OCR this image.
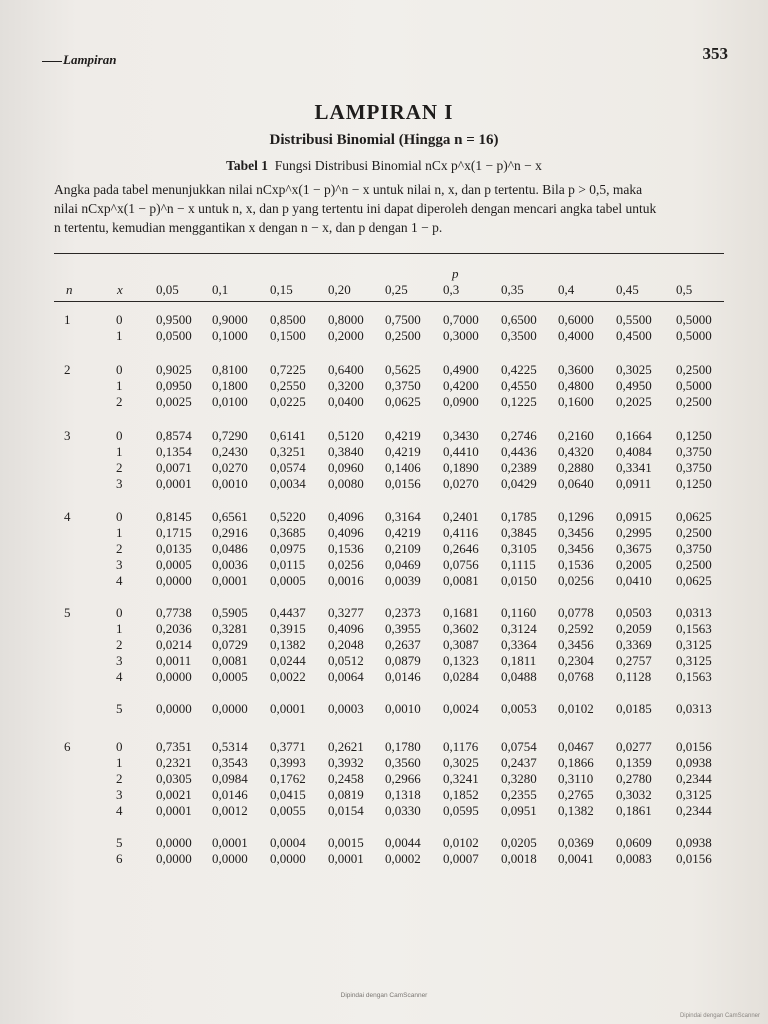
Lampiran	353
LAMPIRAN I
Distribusi Binomial (Hingga n = 16)
Tabel 1 Fungsi Distribusi Binomial nCx p^x(1 − p)^n − x
Angka pada tabel menunjukkan nilai nCxp^x(1 − p)^n − x untuk nilai n, x, dan p tertentu. Bila p > 0,5, maka
nilai nCxp^x(1 − p)^n − x untuk n, x, dan p yang tertentu ini dapat diperoleh dengan mencari angka tabel untuk
n tertentu, kemudian menggantikan x dengan n − x, dan p dengan 1 − p.
p
n	x	0,05	0,1	0,15	0,20	0,25	0,3	0,35	0,4	0,45	0,5
1	0	0,9500 0,9000 0,8500 0,8000 0,7500 0,7000 0,6500 0,6000 0,5500 0,5000
1	0,0500 0,1000 0,1500 0,2000 0,2500 0,3000 0,3500 0,4000 0,4500 0,5000
2	0	0,9025 0,8100 0,7225 0,6400 0,5625 0,4900 0,4225 0,3600 0,3025 0,2500
1	0,0950 0,1800 0,2550 0,3200 0,3750 0,4200 0,4550 0,4800 0,4950 0,5000
2	0,0025 0,0100 0,0225 0,0400 0,0625 0,0900 0,1225 0,1600 0,2025 0,2500
3	0	0,8574 0,7290 0,6141 0,5120 0,4219 0,3430 0,2746 0,2160 0,1664 0,1250
1	0,1354 0,2430 0,3251 0,3840 0,4219 0,4410 0,4436 0,4320 0,4084 0,3750
2	0,0071 0,0270 0,0574 0,0960 0,1406 0,1890 0,2389 0,2880 0,3341 0,3750
3	0,0001 0,0010 0,0034 0,0080 0,0156 0,0270 0,0429 0,0640 0,0911 0,1250
4	0	0,8145 0,6561 0,5220 0,4096 0,3164 0,2401 0,1785 0,1296 0,0915 0,0625
1	0,1715 0,2916 0,3685 0,4096 0,4219 0,4116 0,3845 0,3456 0,2995 0,2500
2	0,0135 0,0486 0,0975 0,1536 0,2109 0,2646 0,3105 0,3456 0,3675 0,3750
3	0,0005 0,0036 0,0115 0,0256 0,0469 0,0756 0,1115 0,1536 0,2005 0,2500
4	0,0000 0,0001 0,0005 0,0016 0,0039 0,0081 0,0150 0,0256 0,0410 0,0625
5	0	0,7738 0,5905 0,4437 0,3277 0,2373 0,1681 0,1160 0,0778 0,0503 0,0313
1	0,2036 0,3281 0,3915 0,4096 0,3955 0,3602 0,3124 0,2592 0,2059 0,1563
2	0,0214 0,0729 0,1382 0,2048 0,2637 0,3087 0,3364 0,3456 0,3369 0,3125
3	0,0011 0,0081 0,0244 0,0512 0,0879 0,1323 0,1811 0,2304 0,2757 0,3125
4	0,0000 0,0005 0,0022 0,0064 0,0146 0,0284 0,0488 0,0768 0,1128 0,1563
5	0,0000 0,0000 0,0001 0,0003 0,0010 0,0024 0,0053 0,0102 0,0185 0,0313
6	0	0,7351 0,5314 0,3771 0,2621 0,1780 0,1176 0,0754 0,0467 0,0277 0,0156
1	0,2321 0,3543 0,3993 0,3932 0,3560 0,3025 0,2437 0,1866 0,1359 0,0938
2	0,0305 0,0984 0,1762 0,2458 0,2966 0,3241 0,3280 0,3110 0,2780 0,2344
3	0,0021 0,0146 0,0415 0,0819 0,1318 0,1852 0,2355 0,2765 0,3032 0,3125
4	0,0001 0,0012 0,0055 0,0154 0,0330 0,0595 0,0951 0,1382 0,1861 0,2344
5	0,0000 0,0001 0,0004 0,0015 0,0044 0,0102 0,0205 0,0369 0,0609 0,0938
6	0,0000 0,0000 0,0000 0,0001 0,0002 0,0007 0,0018 0,0041 0,0083 0,0156
Dipindai dengan CamScanner
Dipindai dengan CamScanner
